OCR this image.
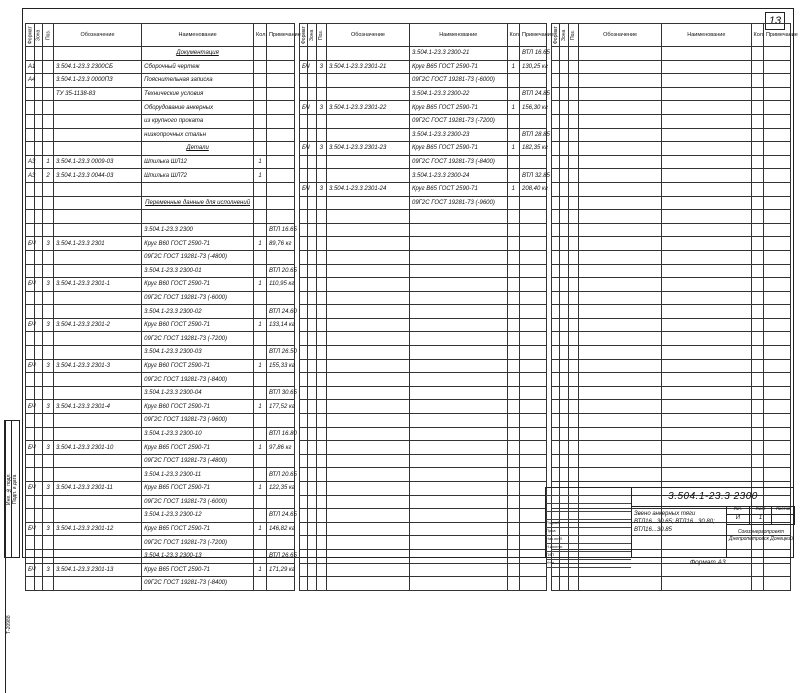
13
Формат	Зона	Поз.	Обозначение	Наименование	Кол.	Примечание
				Документация		
А1			3.504.1-23.3 2300СБ	Сборочный чертеж		
А4			3.504.1-23.3 0000ПЗ	Пояснительная записка		
			ТУ 35-1138-83	Технические условия		
				Оборудование анкерных		
				из крупного проката		
				низкопрочных стальн		
				Детали		
А3		1	3.504.1-23.3 0009-03	Шпилька ШЛ12	1	
А3		2	3.504.1-23.3 0044-03	Шпилька ШЛ72	1	

				Переменные данные для исполнений		

				3.504.1-23.3 2300		ВТЛ 16.65
БЧ		3	3.504.1-23.3 2301	Круг В60 ГОСТ 2590-71	1	89,76 кг
				09Г2С ГОСТ 19281-73 (-4800)		
				3.504.1-23.3 2300-01		ВТЛ 20.65
БЧ		3	3.504.1-23.3 2301-1	Круг В60 ГОСТ 2590-71	1	110,95 кг
				09Г2С ГОСТ 19281-73 (-6000)		
				3.504.1-23.3 2300-02		ВТЛ 24.60
БЧ		3	3.504.1-23.3 2301-2	Круг В60 ГОСТ 2590-71	1	133,14 кг
				09Г2С ГОСТ 19281-73 (-7200)		
				3.504.1-23.3 2300-03		ВТЛ 26.50
БЧ		3	3.504.1-23.3 2301-3	Круг В60 ГОСТ 2590-71	1	155,33 кг
				09Г2С ГОСТ 19281-73 (-8400)		
				3.504.1-23.3 2300-04		ВТЛ 30.65
БЧ		3	3.504.1-23.3 2301-4	Круг В60 ГОСТ 2590-71	1	177,52 кг
				09Г2С ГОСТ 19281-73 (-9600)		
				3.504.1-23.3 2300-10		ВТЛ 16.80
БЧ		3	3.504.1-23.3 2301-10	Круг В65 ГОСТ 2590-71	1	97,86 кг
				09Г2С ГОСТ 19281-73 (-4800)		
				3.504.1-23.3 2300-11		ВТЛ 20.65
БЧ		3	3.504.1-23.3 2301-11	Круг В65 ГОСТ 2590-71	1	122,35 кг
				09Г2С ГОСТ 19281-73 (-6000)		
				3.504.1-23.3 2300-12		ВТЛ 24.65
БЧ		3	3.504.1-23.3 2301-12	Круг В65 ГОСТ 2590-71	1	146,82 кг
				09Г2С ГОСТ 19281-73 (-7200)		
				3.504.1-23.3 2300-13		ВТЛ 26.65
БЧ		3	3.504.1-23.3 2301-13	Круг В65 ГОСТ 2590-71	1	171,29 кг
				09Г2С ГОСТ 19281-73 (-8400)		
Формат	Зона	Поз.	Обозначение	Наименование	Кол.	Примечание
				3.504.1-23.3 2300-21		ВТЛ 16.65
БЧ		3	3.504.1-23.3 2301-21	Круг В65 ГОСТ 2590-71	1	130,25 кг
				09Г2С ГОСТ 19281-73 (-6000)		
				3.504.1-23.3 2300-22		ВТЛ 24.85
БЧ		3	3.504.1-23.3 2301-22	Круг В65 ГОСТ 2590-71	1	156,30 кг
				09Г2С ГОСТ 19281-73 (-7200)		
				3.504.1-23.3 2300-23		ВТЛ 28.85
БЧ		3	3.504.1-23.3 2301-23	Круг В65 ГОСТ 2590-71	1	182,35 кг
				09Г2С ГОСТ 19281-73 (-8400)		
				3.504.1-23.3 2300-24		ВТЛ 32.85
БЧ		3	3.504.1-23.3 2301-24	Круг В65 ГОСТ 2590-71	1	208,40 кг
				09Г2С ГОСТ 19281-73 (-9600)		

Формат	Зона	Поз.	Обозначение	Наименование	Кол.	Примечание

Инв. № подл. Подп. и дата
Т-20988
Разраб.
Пров.
Нач.отд.
Н.контр.
ГИП
Утв.
3.504.1-23.3 2300
Звено анкерных тяги ВТЛ16...30.65; ВТЛ16...30.80; ВТЛ16...30.85
Лит.	Лист	Листов
И	1
Союзэнергопроект Днепропетровск Донецкий
Формат А3
